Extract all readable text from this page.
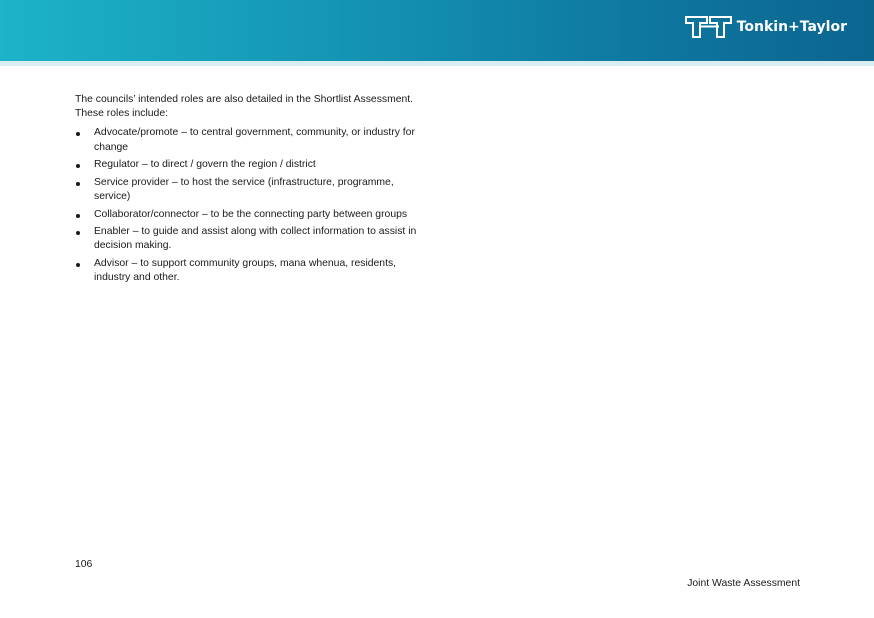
Tonkin+Taylor

The councils’ intended roles are also detailed in the Shortlist Assessment. These roles include:

Advocate/promote – to central government, community, or industry for change
Regulator – to direct / govern the region / district
Service provider – to host the service (infrastructure, programme, service)
Collaborator/connector – to be the connecting party between groups
Enabler – to guide and assist along with collect information to assist in decision making.
Advisor – to support community groups, mana whenua, residents, industry and other.
106
Joint Waste Assessment
